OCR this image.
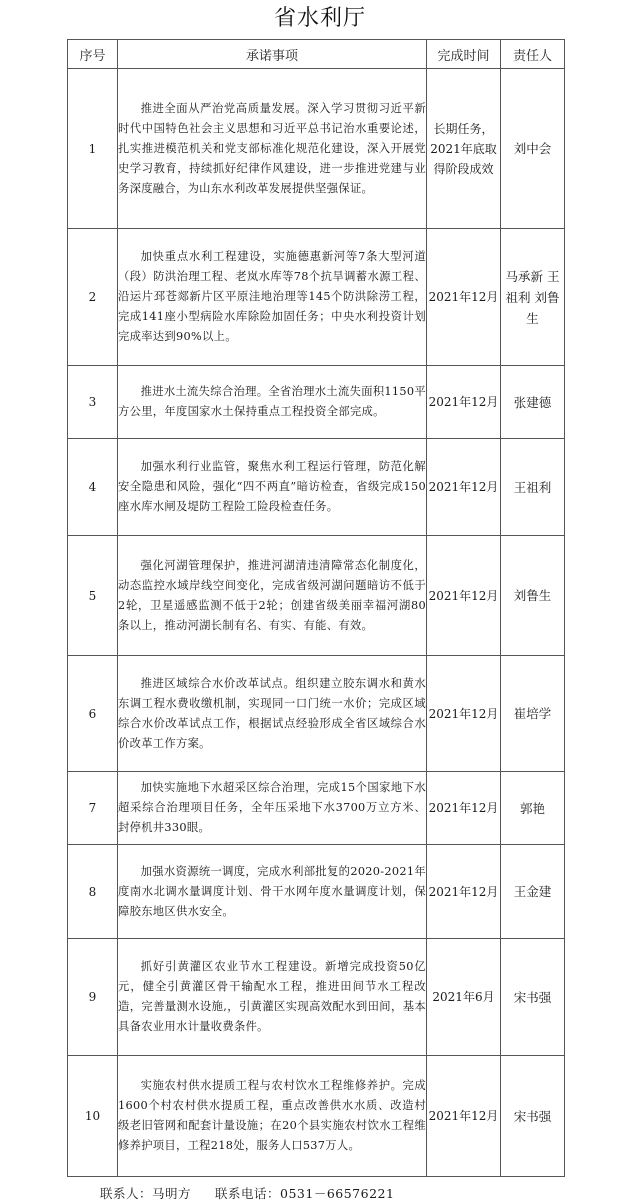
省水利厅
序号	承诺事项	完成时间	责任人
1	推进全面从严治党高质量发展。深入学习贯彻习近平新时代中国特色社会主义思想和习近平总书记治水重要论述，扎实推进模范机关和党支部标准化规范化建设，深入开展党史学习教育，持续抓好纪律作风建设，进一步推进党建与业务深度融合，为山东水利改革发展提供坚强保证。	长期任务，2021年底取得阶段成效	刘中会
2	加快重点水利工程建设，实施德惠新河等7条大型河道（段）防洪治理工程、老岚水库等78个抗旱调蓄水源工程、沿运片邳苍郯新片区平原洼地治理等145个防洪除涝工程，完成141座小型病险水库除险加固任务；中央水利投资计划完成率达到90%以上。	2021年12月	马承新 王祖利 刘鲁生
3	推进水土流失综合治理。全省治理水土流失面积1150平方公里，年度国家水土保持重点工程投资全部完成。	2021年12月	张建德
4	加强水利行业监管，聚焦水利工程运行管理，防范化解安全隐患和风险，强化“四不两直”暗访检查，省级完成150座水库水闸及堤防工程险工险段检查任务。	2021年12月	王祖利
5	强化河湖管理保护，推进河湖清违清障常态化制度化，动态监控水域岸线空间变化，完成省级河湖问题暗访不低于2轮，卫星遥感监测不低于2轮；创建省级美丽幸福河湖80条以上，推动河湖长制有名、有实、有能、有效。	2021年12月	刘鲁生
6	推进区域综合水价改革试点。组织建立胶东调水和黄水东调工程水费收缴机制，实现同一口门统一水价；完成区域综合水价改革试点工作，根据试点经验形成全省区域综合水价改革工作方案。	2021年12月	崔培学
7	加快实施地下水超采区综合治理，完成15个国家地下水超采综合治理项目任务，全年压采地下水3700万立方米、封停机井330眼。	2021年12月	郭艳
8	加强水资源统一调度，完成水利部批复的2020-2021年度南水北调水量调度计划、骨干水网年度水量调度计划，保障胶东地区供水安全。	2021年12月	王金建
9	抓好引黄灌区农业节水工程建设。新增完成投资50亿元，健全引黄灌区骨干输配水工程，推进田间节水工程改造，完善量测水设施,，引黄灌区实现高效配水到田间，基本具备农业用水计量收费条件。	2021年6月	宋书强
10	实施农村供水提质工程与农村饮水工程维修养护。完成1600个村农村供水提质工程，重点改善供水水质、改造村级老旧管网和配套计量设施；在20个县实施农村饮水工程维修养护项目，工程218处，服务人口537万人。	2021年12月	宋书强
联系人：马明方 联系电话：0531－66576221
